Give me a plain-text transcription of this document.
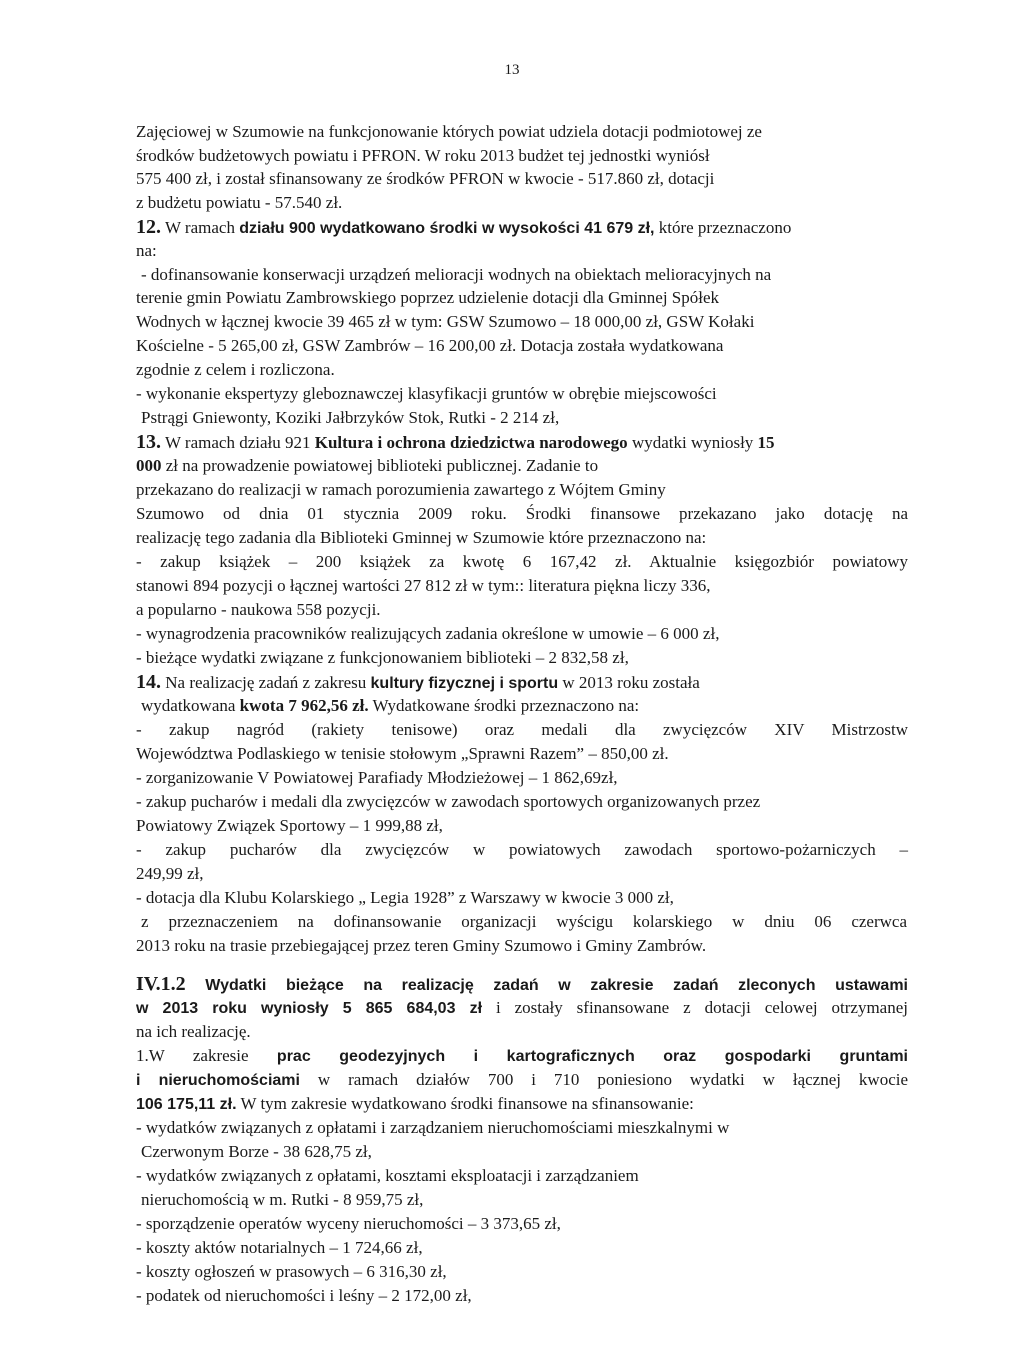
13
Zajęciowej w Szumowie na funkcjonowanie których powiat udziela dotacji podmiotowej ze
środków budżetowych powiatu i PFRON. W roku 2013 budżet tej jednostki wyniósł
575 400 zł, i został sfinansowany ze środków PFRON w kwocie - 517.860 zł, dotacji
z budżetu powiatu - 57.540 zł.
12. W ramach działu 900 wydatkowano środki w wysokości 41 679 zł, które przeznaczono
na:
- dofinansowanie konserwacji urządzeń melioracji wodnych na obiektach melioracyjnych na
terenie gmin Powiatu Zambrowskiego poprzez udzielenie dotacji dla Gminnej Spółek
Wodnych w łącznej kwocie 39 465 zł w tym: GSW Szumowo – 18 000,00 zł, GSW Kołaki
Kościelne - 5 265,00 zł, GSW Zambrów – 16 200,00 zł. Dotacja została wydatkowana
zgodnie z celem i rozliczona.
- wykonanie ekspertyzy gleboznawczej klasyfikacji gruntów w obrębie miejscowości
Pstrągi Gniewonty, Koziki Jałbrzyków Stok, Rutki - 2 214 zł,
13. W ramach działu 921 Kultura i ochrona dziedzictwa narodowego wydatki wyniosły 15
000 zł na prowadzenie powiatowej biblioteki publicznej. Zadanie to
przekazano do realizacji w ramach porozumienia zawartego z Wójtem Gminy
Szumowo od dnia 01 stycznia 2009 roku. Środki finansowe przekazano jako dotację na
realizację tego zadania dla Biblioteki Gminnej w Szumowie które przeznaczono na:
- zakup książek – 200 książek za kwotę 6 167,42 zł. Aktualnie księgozbiór powiatowy
stanowi 894 pozycji o łącznej wartości 27 812 zł w tym:: literatura piękna liczy 336,
a popularno - naukowa 558 pozycji.
- wynagrodzenia pracowników realizujących zadania określone w umowie – 6 000 zł,
- bieżące wydatki związane z funkcjonowaniem biblioteki – 2 832,58 zł,
14. Na realizację zadań z zakresu kultury fizycznej i sportu w 2013 roku została
wydatkowana kwota 7 962,56 zł. Wydatkowane środki przeznaczono na:
- zakup nagród (rakiety tenisowe) oraz medali dla zwycięzców XIV Mistrzostw
Województwa Podlaskiego w tenisie stołowym „Sprawni Razem” – 850,00 zł.
- zorganizowanie V Powiatowej Parafiady Młodzieżowej – 1 862,69zł,
- zakup pucharów i medali dla zwycięzców w zawodach sportowych organizowanych przez
Powiatowy Związek Sportowy – 1 999,88 zł,
- zakup pucharów dla zwycięzców w powiatowych zawodach sportowo-pożarniczych –
249,99 zł,
- dotacja dla Klubu Kolarskiego „ Legia 1928” z Warszawy w kwocie 3 000 zł,
z przeznaczeniem na dofinansowanie organizacji wyścigu kolarskiego w dniu 06 czerwca
2013 roku na trasie przebiegającej przez teren Gminy Szumowo i Gminy Zambrów.
IV.1.2 Wydatki bieżące na realizację zadań w zakresie zadań zleconych ustawami
w 2013 roku wyniosły 5 865 684,03 zł i zostały sfinansowane z dotacji celowej otrzymanej
na ich realizację.
1.W zakresie prac geodezyjnych i kartograficznych oraz gospodarki gruntami
i nieruchomościami w ramach działów 700 i 710 poniesiono wydatki w łącznej kwocie
106 175,11 zł. W tym zakresie wydatkowano środki finansowe na sfinansowanie:
- wydatków związanych z opłatami i zarządzaniem nieruchomościami mieszkalnymi w
Czerwonym Borze - 38 628,75 zł,
- wydatków związanych z opłatami, kosztami eksploatacji i zarządzaniem
nieruchomością w m. Rutki - 8 959,75 zł,
- sporządzenie operatów wyceny nieruchomości – 3 373,65 zł,
- koszty aktów notarialnych – 1 724,66 zł,
- koszty ogłoszeń w prasowych – 6 316,30 zł,
- podatek od nieruchomości i leśny – 2 172,00 zł,
